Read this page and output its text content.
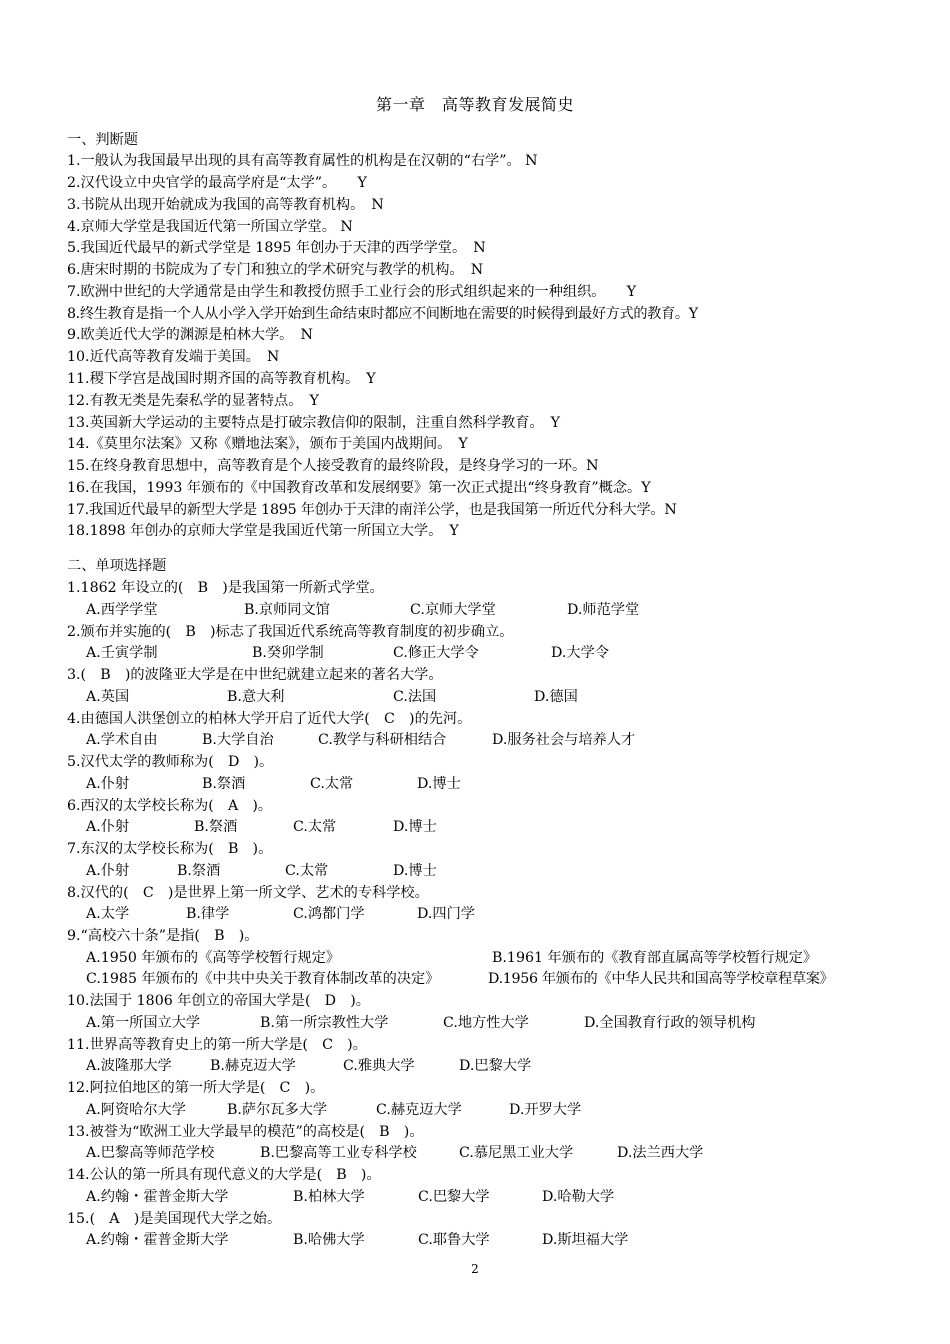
第一章　高等教育发展简史
一、判断题
1.一般认为我国最早出现的具有高等教育属性的机构是在汉朝的“右学”。 N
2.汉代设立中央官学的最高学府是“太学”。　　Y
3.书院从出现开始就成为我国的高等教育机构。　N
4.京师大学堂是我国近代第一所国立学堂。 N
5.我国近代最早的新式学堂是 1895 年创办于天津的西学学堂。　N
6.唐宋时期的书院成为了专门和独立的学术研究与教学的机构。　N
7.欧洲中世纪的大学通常是由学生和教授仿照手工业行会的形式组织起来的一种组织。　　Y
8.终生教育是指一个人从小学入学开始到生命结束时都应不间断地在需要的时候得到最好方式的教育。Y
9.欧美近代大学的渊源是柏林大学。　N
10.近代高等教育发端于美国。　N
11.稷下学宫是战国时期齐国的高等教育机构。　Y
12.有教无类是先秦私学的显著特点。　Y
13.英国新大学运动的主要特点是打破宗教信仰的限制，注重自然科学教育。　Y
14.《莫里尔法案》又称《赠地法案》，颁布于美国内战期间。　Y
15.在终身教育思想中，高等教育是个人接受教育的最终阶段，是终身学习的一环。N
16.在我国，1993 年颁布的《中国教育改革和发展纲要》第一次正式提出“终身教育”概念。Y
17.我国近代最早的新型大学是 1895 年创办于天津的南洋公学，也是我国第一所近代分科大学。N
18.1898 年创办的京师大学堂是我国近代第一所国立大学。　Y
二、单项选择题
1.1862 年设立的(　B　)是我国第一所新式学堂。
A.西学学堂	B.京师同文馆	C.京师大学堂	D.师范学堂
2.颁布并实施的(　B　)标志了我国近代系统高等教育制度的初步确立。
A.壬寅学制	B.癸卯学制	C.修正大学令	D.大学令
3.(　B　)的波隆亚大学是在中世纪就建立起来的著名大学。
A.英国	B.意大利	C.法国	D.德国
4.由德国人洪堡创立的柏林大学开启了近代大学(　C　)的先河。
A.学术自由	B.大学自治	C.教学与科研相结合	D.服务社会与培养人才
5.汉代太学的教师称为(　D　)。
A.仆射	B.祭酒	C.太常	D.博士
6.西汉的太学校长称为(　A　)。
A.仆射	B.祭酒	C.太常	D.博士
7.东汉的太学校长称为(　B　)。
A.仆射	B.祭酒	C.太常	D.博士
8.汉代的(　C　)是世界上第一所文学、艺术的专科学校。
A.太学	B.律学	C.鸿都门学	D.四门学
9.“高校六十条”是指(　B　)。
A.1950 年颁布的《高等学校暂行规定》	B.1961 年颁布的《教育部直属高等学校暂行规定》
C.1985 年颁布的《中共中央关于教育体制改革的决定》	D.1956 年颁布的《中华人民共和国高等学校章程草案》
10.法国于 1806 年创立的帝国大学是(　D　)。
A.第一所国立大学	B.第一所宗教性大学	C.地方性大学	D.全国教育行政的领导机构
11.世界高等教育史上的第一所大学是(　C　)。
A.波隆那大学	B.赫克迈大学	C.雅典大学	D.巴黎大学
12.阿拉伯地区的第一所大学是(　C　)。
A.阿资哈尔大学	B.萨尔瓦多大学	C.赫克迈大学	D.开罗大学
13.被誉为“欧洲工业大学最早的模范”的高校是(　B　)。
A.巴黎高等师范学校	B.巴黎高等工业专科学校	C.慕尼黑工业大学	D.法兰西大学
14.公认的第一所具有现代意义的大学是(　B　)。
A.约翰・霍普金斯大学	B.柏林大学	C.巴黎大学	D.哈勒大学
15.(　A　)是美国现代大学之始。
A.约翰・霍普金斯大学	B.哈佛大学	C.耶鲁大学	D.斯坦福大学
2
